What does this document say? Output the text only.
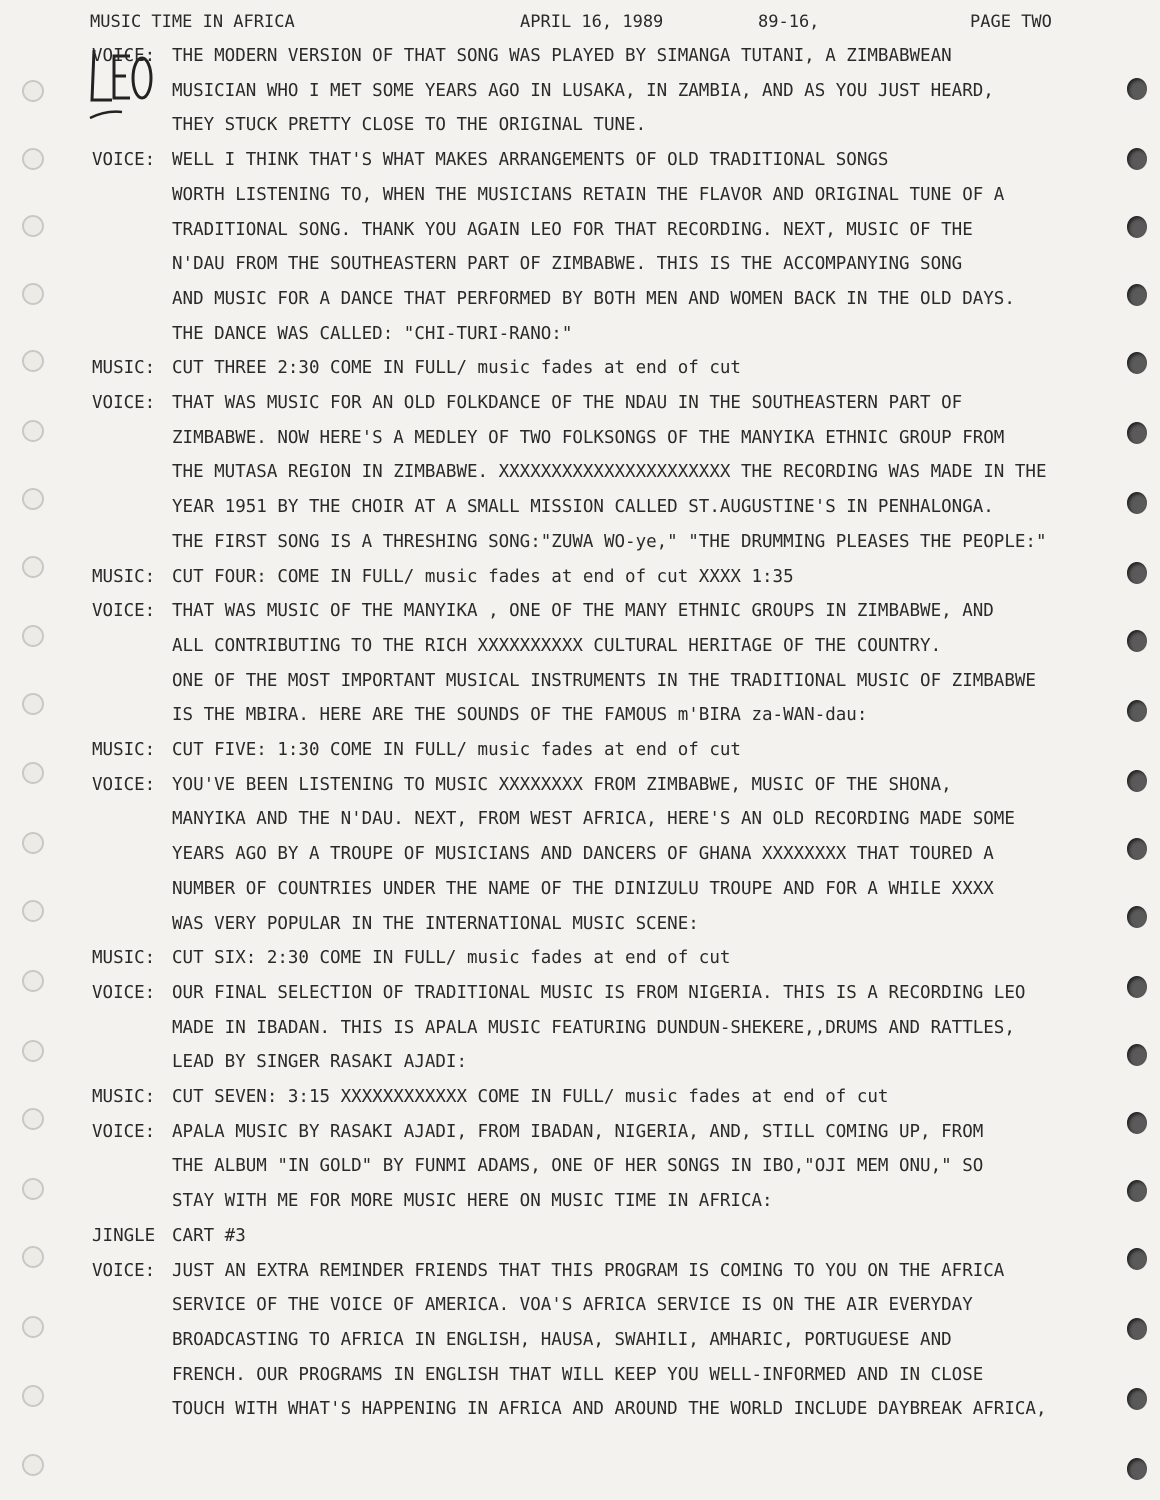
MUSIC TIME IN AFRICA	APRIL 16, 1989	89-16,	PAGE TWO
VOICE: THE MODERN VERSION OF THAT SONG WAS PLAYED BY SIMANGA TUTANI, A ZIMBABWEAN
MUSICIAN WHO I MET SOME YEARS AGO IN LUSAKA, IN ZAMBIA, AND AS YOU JUST HEARD,
THEY STUCK PRETTY CLOSE TO THE ORIGINAL TUNE.
VOICE: WELL I THINK THAT'S WHAT MAKES ARRANGEMENTS OF OLD TRADITIONAL SONGS
WORTH LISTENING TO, WHEN THE MUSICIANS RETAIN THE FLAVOR AND ORIGINAL TUNE OF A
TRADITIONAL SONG. THANK YOU AGAIN LEO FOR THAT RECORDING. NEXT, MUSIC OF THE
N'DAU FROM THE SOUTHEASTERN PART OF ZIMBABWE. THIS IS THE ACCOMPANYING SONG
AND MUSIC FOR A DANCE THAT PERFORMED BY BOTH MEN AND WOMEN BACK IN THE OLD DAYS.
THE DANCE WAS CALLED: "CHI-TURI-RANO:"
MUSIC: CUT THREE 2:30 COME IN FULL/ music fades at end of cut
VOICE: THAT WAS MUSIC FOR AN OLD FOLKDANCE OF THE NDAU IN THE SOUTHEASTERN PART OF
ZIMBABWE. NOW HERE'S A MEDLEY OF TWO FOLKSONGS OF THE MANYIKA ETHNIC GROUP FROM
THE MUTASA REGION IN ZIMBABWE. XXXXXXXXXXXXXXXXXXXXXX THE RECORDING WAS MADE IN THE
YEAR 1951 BY THE CHOIR AT A SMALL MISSION CALLED ST.AUGUSTINE'S IN PENHALONGA.
THE FIRST SONG IS A THRESHING SONG:"ZUWA WO-ye," "THE DRUMMING PLEASES THE PEOPLE:"
MUSIC: CUT FOUR: COME IN FULL/ music fades at end of cut XXXX 1:35
VOICE: THAT WAS MUSIC OF THE MANYIKA , ONE OF THE MANY ETHNIC GROUPS IN ZIMBABWE, AND
ALL CONTRIBUTING TO THE RICH XXXXXXXXXX CULTURAL HERITAGE OF THE COUNTRY.
ONE OF THE MOST IMPORTANT MUSICAL INSTRUMENTS IN THE TRADITIONAL MUSIC OF ZIMBABWE
IS THE MBIRA. HERE ARE THE SOUNDS OF THE FAMOUS m'BIRA za-WAN-dau:
MUSIC: CUT FIVE: 1:30 COME IN FULL/ music fades at end of cut
VOICE: YOU'VE BEEN LISTENING TO MUSIC XXXXXXXX FROM ZIMBABWE, MUSIC OF THE SHONA,
MANYIKA AND THE N'DAU. NEXT, FROM WEST AFRICA, HERE'S AN OLD RECORDING MADE SOME
YEARS AGO BY A TROUPE OF MUSICIANS AND DANCERS OF GHANA XXXXXXXX THAT TOURED A
NUMBER OF COUNTRIES UNDER THE NAME OF THE DINIZULU TROUPE AND FOR A WHILE XXXX
WAS VERY POPULAR IN THE INTERNATIONAL MUSIC SCENE:
MUSIC: CUT SIX: 2:30 COME IN FULL/ music fades at end of cut
VOICE: OUR FINAL SELECTION OF TRADITIONAL MUSIC IS FROM NIGERIA. THIS IS A RECORDING LEO
MADE IN IBADAN. THIS IS APALA MUSIC FEATURING DUNDUN-SHEKERE,,DRUMS AND RATTLES,
LEAD BY SINGER RASAKI AJADI:
MUSIC: CUT SEVEN: 3:15 XXXXXXXXXXXX COME IN FULL/ music fades at end of cut
VOICE: APALA MUSIC BY RASAKI AJADI, FROM IBADAN, NIGERIA, AND, STILL COMING UP, FROM
THE ALBUM "IN GOLD" BY FUNMI ADAMS, ONE OF HER SONGS IN IBO,"OJI MEM ONU," SO
STAY WITH ME FOR MORE MUSIC HERE ON MUSIC TIME IN AFRICA:
JINGLE CART #3
VOICE: JUST AN EXTRA REMINDER FRIENDS THAT THIS PROGRAM IS COMING TO YOU ON THE AFRICA
SERVICE OF THE VOICE OF AMERICA. VOA'S AFRICA SERVICE IS ON THE AIR EVERYDAY
BROADCASTING TO AFRICA IN ENGLISH, HAUSA, SWAHILI, AMHARIC, PORTUGUESE AND
FRENCH. OUR PROGRAMS IN ENGLISH THAT WILL KEEP YOU WELL-INFORMED AND IN CLOSE
TOUCH WITH WHAT'S HAPPENING IN AFRICA AND AROUND THE WORLD INCLUDE DAYBREAK AFRICA,
